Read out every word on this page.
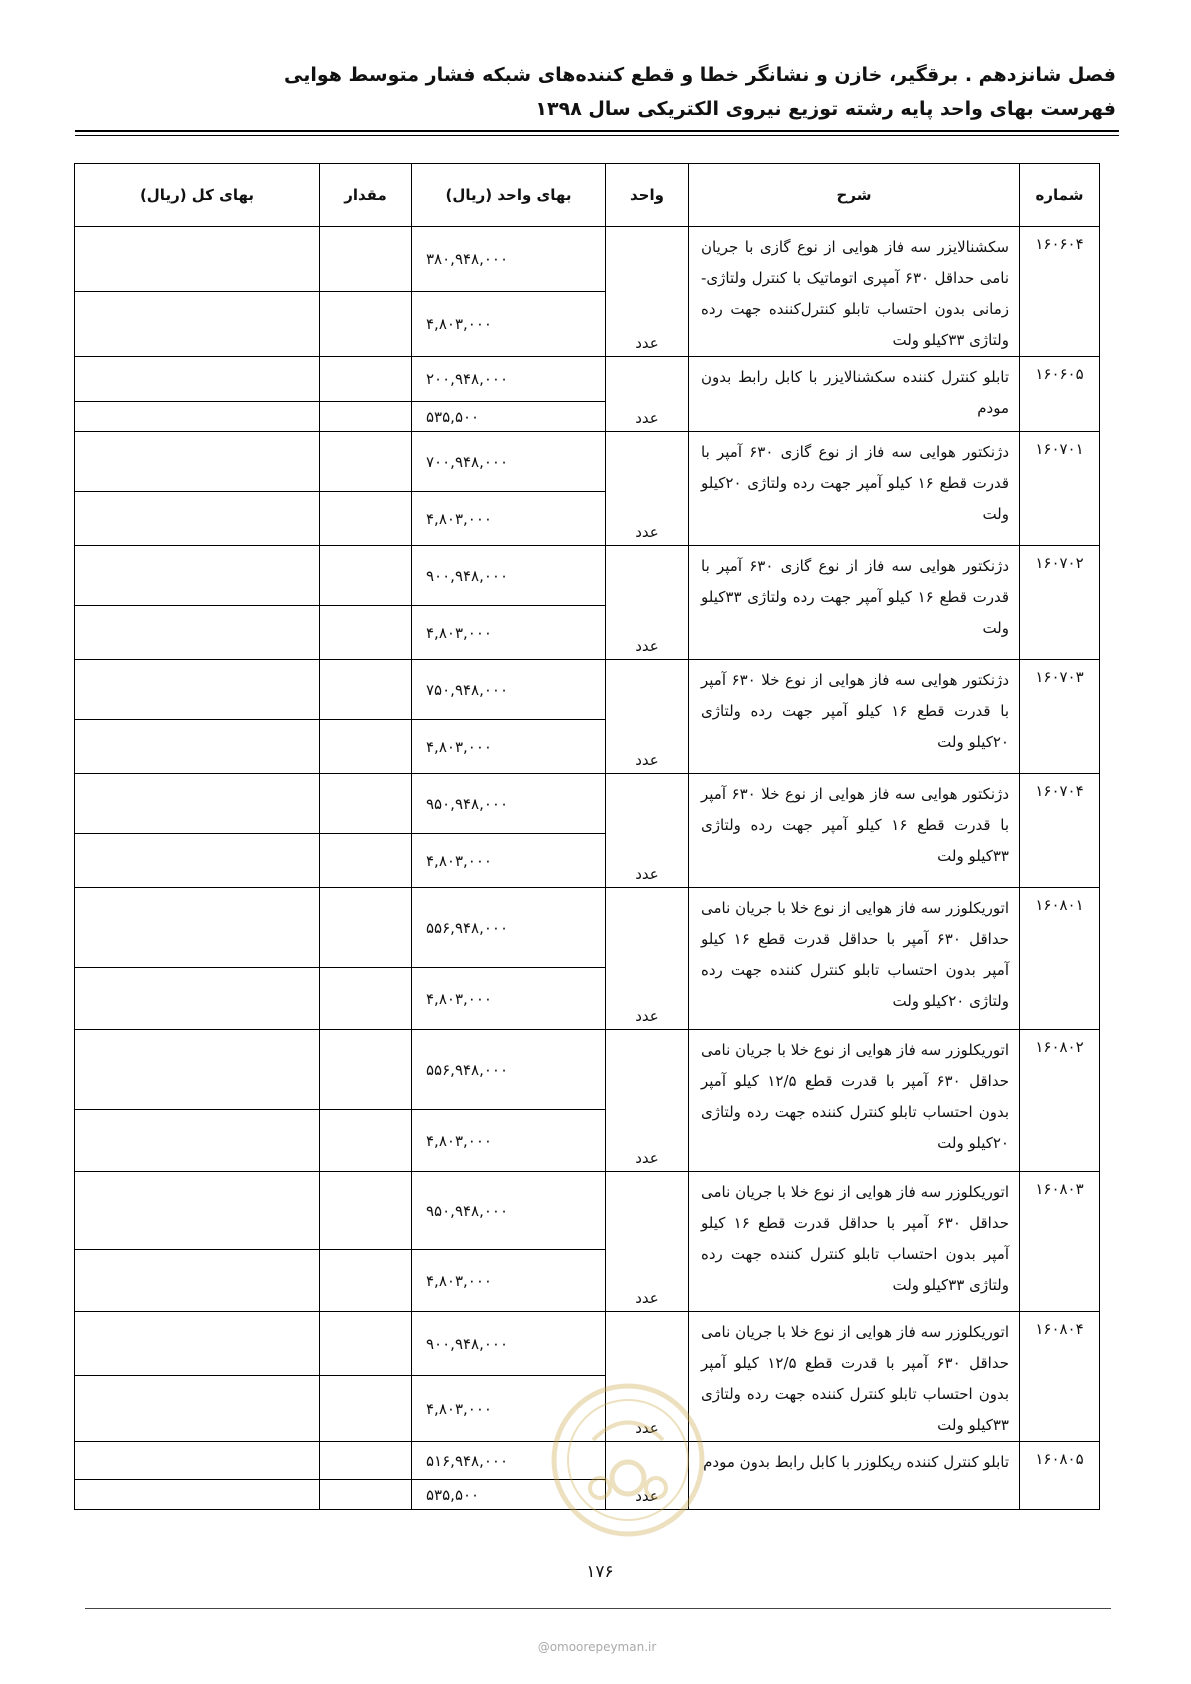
فصل شانزدهم . برقگیر، خازن و نشانگر خطا و قطع کننده‌های شبکه فشار متوسط هوایی
فهرست بهای واحد پایه رشته توزیع نیروی الکتریکی سال ۱۳۹۸
شماره	شرح	واحد	بهای واحد (ریال)	مقدار	بهای کل (ریال)
۱۶۰۶۰۴	سکشنالایزر سه فاز هوایی از نوع گازی با جریان نامی حداقل ۶۳۰ آمپری اتوماتیک با کنترل ولتاژی- زمانی بدون احتساب تابلو کنترل‌کننده جهت رده ولتاژی ۳۳کیلو ولت	عدد	۳۸۰,۹۴۸,۰۰۰		
			۴,۸۰۳,۰۰۰		
۱۶۰۶۰۵	تابلو کنترل کننده سکشنالایزر با کابل رابط بدون مودم	عدد	۲۰۰,۹۴۸,۰۰۰		
			۵۳۵,۵۰۰		
۱۶۰۷۰۱	دژنکتور هوایی سه فاز از نوع گازی ۶۳۰ آمپر با قدرت قطع ۱۶ کیلو آمپر جهت رده ولتاژی ۲۰کیلو ولت	عدد	۷۰۰,۹۴۸,۰۰۰		
			۴,۸۰۳,۰۰۰		
۱۶۰۷۰۲	دژنکتور هوایی سه فاز از نوع گازی ۶۳۰ آمپر با قدرت قطع ۱۶ کیلو آمپر جهت رده ولتاژی ۳۳کیلو ولت	عدد	۹۰۰,۹۴۸,۰۰۰		
			۴,۸۰۳,۰۰۰		
۱۶۰۷۰۳	دژنکتور هوایی سه فاز هوایی از نوع خلا ۶۳۰ آمپر با قدرت قطع ۱۶ کیلو آمپر جهت رده ولتاژی ۲۰کیلو ولت	عدد	۷۵۰,۹۴۸,۰۰۰		
			۴,۸۰۳,۰۰۰		
۱۶۰۷۰۴	دژنکتور هوایی سه فاز هوایی از نوع خلا ۶۳۰ آمپر با قدرت قطع ۱۶ کیلو آمپر جهت رده ولتاژی ۳۳کیلو ولت	عدد	۹۵۰,۹۴۸,۰۰۰		
			۴,۸۰۳,۰۰۰		
۱۶۰۸۰۱	اتوریکلوزر سه فاز هوایی از نوع خلا با جریان نامی حداقل ۶۳۰ آمپر با حداقل قدرت قطع ۱۶ کیلو آمپر بدون احتساب تابلو کنترل کننده جهت رده ولتاژی ۲۰کیلو ولت	عدد	۵۵۶,۹۴۸,۰۰۰		
			۴,۸۰۳,۰۰۰		
۱۶۰۸۰۲	اتوریکلوزر سه فاز هوایی از نوع خلا با جریان نامی حداقل ۶۳۰ آمپر با قدرت قطع ۱۲/۵ کیلو آمپر بدون احتساب تابلو کنترل کننده جهت رده ولتاژی ۲۰کیلو ولت	عدد	۵۵۶,۹۴۸,۰۰۰		
			۴,۸۰۳,۰۰۰		
۱۶۰۸۰۳	اتوریکلوزر سه فاز هوایی از نوع خلا با جریان نامی حداقل ۶۳۰ آمپر با حداقل قدرت قطع ۱۶ کیلو آمپر بدون احتساب تابلو کنترل کننده جهت رده ولتاژی ۳۳کیلو ولت	عدد	۹۵۰,۹۴۸,۰۰۰		
			۴,۸۰۳,۰۰۰		
۱۶۰۸۰۴	اتوریکلوزر سه فاز هوایی از نوع خلا با جریان نامی حداقل ۶۳۰ آمپر با قدرت قطع ۱۲/۵ کیلو آمپر بدون احتساب تابلو کنترل کننده جهت رده ولتاژی ۳۳کیلو ولت	عدد	۹۰۰,۹۴۸,۰۰۰		
			۴,۸۰۳,۰۰۰		
۱۶۰۸۰۵	تابلو کنترل کننده ریکلوزر با کابل رابط بدون مودم	عدد	۵۱۶,۹۴۸,۰۰۰		
			۵۳۵,۵۰۰		
۱۷۶
@omoorepeyman.ir
